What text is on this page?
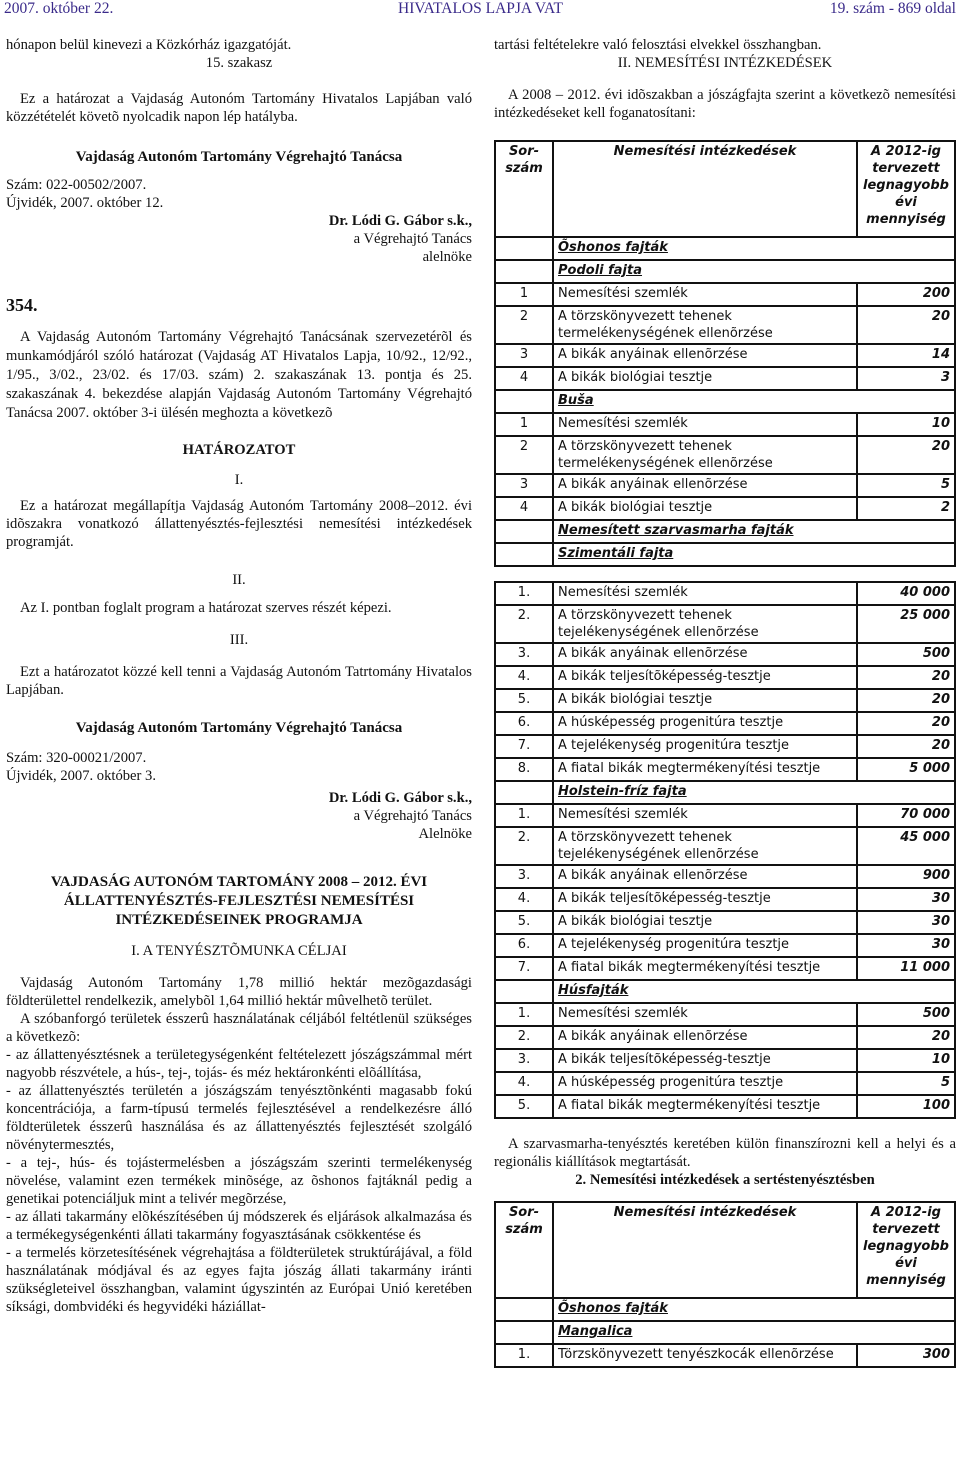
2007. október 22.	HIVATALOS LAPJA VAT	19. szám - 869 oldal

hónapon belül kinevezi a Közkórház igazgatóját.

15. szakasz

Ez a határozat a Vajdaság Autonóm Tartomány Hivatalos Lapjában való közzétételét követõ nyolcadik napon lép hatályba.

Vajdaság Autonóm Tartomány Végrehajtó Tanácsa

Szám: 022-00502/2007.

Újvidék, 2007. október 12.

Dr. Lódi G. Gábor s.k.,

a Végrehajtó Tanács

alelnöke

354.

A Vajdaság Autonóm Tartomány Végrehajtó Tanácsának szervezetérõl és munkamódjáról szóló határozat (Vajdaság AT Hivatalos Lapja, 10/92., 12/92., 1/95., 3/02., 23/02. és 17/03. szám) 2. szakaszának 13. pontja és 25. szakaszának 4. bekezdése alapján Vajdaság Autonóm Tartomány Végrehajtó Tanácsa 2007. október 3-i ülésén meghozta a következõ

HATÁROZATOT

I.

Ez a határozat megállapítja Vajdaság Autonóm Tartomány 2008–2012. évi idõszakra vonatkozó állattenyésztés-fejlesztési nemesítési intézkedések programját.

II.

Az I. pontban foglalt program a határozat szerves részét képezi.

III.

Ezt a határozatot közzé kell tenni a Vajdaság Autonóm Tatrtomány Hivatalos Lapjában.

Vajdaság Autonóm Tartomány Végrehajtó Tanácsa

Szám: 320-00021/2007.

Újvidék, 2007. október 3.

Dr. Lódi G. Gábor s.k.,

a Végrehajtó Tanács

Alelnöke

VAJDASÁG AUTONÓM TARTOMÁNY 2008 – 2012. ÉVI ÁLLATTENYÉSZTÉS-FEJLESZTÉSI NEMESÍTÉSI INTÉZKEDÉSEINEK PROGRAMJA

I. A TENYÉSZTÕMUNKA CÉLJAI

Vajdaság Autonóm Tartomány 1,78 millió hektár mezõgazdasági földterülettel rendelkezik, amelybõl 1,64 millió hektár mûvelhetõ terület.

A szóbanforgó területek ésszerû használatának céljából feltétlenül szükséges a következõ:

- az állattenyésztésnek a területegységenként feltételezett jószágszámmal mért nagyobb részvétele, a hús-, tej-, tojás- és méz hektáronkénti elõállítása,

- az állattenyésztés területén a jószágszám tenyésztõnkénti magasabb fokú koncentrációja, a farm-típusú termelés fejlesztésével a rendelkezésre álló földterületek ésszerû használása és az állattenyésztés fejlesztését szolgáló növénytermesztés,

- a tej-, hús- és tojástermelésben a jószágszám szerinti termelékenység növelése, valamint ezen termékek minõsége, az õshonos fajtáknál pedig a genetikai potenciáljuk mint a telivér megõrzése,

- az állati takarmány elõkészítésében új módszerek és eljárások alkalmazása és a termékegységenkénti állati takarmány fogyasztásának csökkentése és

- a termelés körzetesítésének végrehajtása a földterületek struktúrájával, a föld használatának módjával és az egyes fajta jószág állati takarmány iránti szükségleteivel összhangban, valamint úgyszintén az Európai Unió keretében síksági, dombvidéki és hegyvidéki háziállat-

tartási feltételekre való felosztási elvekkel összhangban.

II. NEMESÍTÉSI INTÉZKEDÉSEK

A 2008 – 2012. évi idõszakban a jószágfajta szerint a következõ nemesítési intézkedéseket kell foganatosítani:

Sor-szám	Nemesítési intézkedések	A 2012-ig tervezett legnagyobb évi mennyiség
	Õshonos fajták	
	Podoli fajta	
1	Nemesítési szemlék	200
2	A törzskönyvezett tehenek termelékenységének ellenõrzése	20
3	A bikák anyáinak ellenõrzése	14
4	A bikák biológiai tesztje	3
	Buša	
1	Nemesítési szemlék	10
2	A törzskönyvezett tehenek termelékenységének ellenõrzése	20
3	A bikák anyáinak ellenõrzése	5
4	A bikák biológiai tesztje	2
	Nemesített szarvasmarha fajták	
	Szimentáli fajta	
1.	Nemesítési szemlék	40 000
2.	A törzskönyvezett tehenek tejelékenységének ellenõrzése	25 000
3.	A bikák anyáinak ellenõrzése	500
4.	A bikák teljesítõképesség-tesztje	20
5.	A bikák biológiai tesztje	20
6.	A húsképesség progenitúra tesztje	20
7.	A tejelékenység progenitúra tesztje	20
8.	A fiatal bikák megtermékenyítési tesztje	5 000
	Holstein-fríz fajta	
1.	Nemesítési szemlék	70 000
2.	A törzskönyvezett tehenek tejelékenységének ellenõrzése	45 000
3.	A bikák anyáinak ellenõrzése	900
4.	A bikák teljesítõképesség-tesztje	30
5.	A bikák biológiai tesztje	30
6.	A tejelékenység progenitúra tesztje	30
7.	A fiatal bikák megtermékenyítési tesztje	11 000
	Húsfajták	
1.	Nemesítési szemlék	500
2.	A bikák anyáinak ellenõrzése	20
3.	A bikák teljesítõképesség-tesztje	10
4.	A húsképesség progenitúra tesztje	5
5.	A fiatal bikák megtermékenyítési tesztje	100

A szarvasmarha-tenyésztés keretében külön finanszírozni kell a helyi és a regionális kiállítások megtartását.

2. Nemesítési intézkedések a sertéstenyésztésben

Sor-szám	Nemesítési intézkedések	A 2012-ig tervezett legnagyobb évi mennyiség
	Õshonos fajták	
	Mangalica	
1.	Törzskönyvezett tenyészkocák ellenõrzése	300
